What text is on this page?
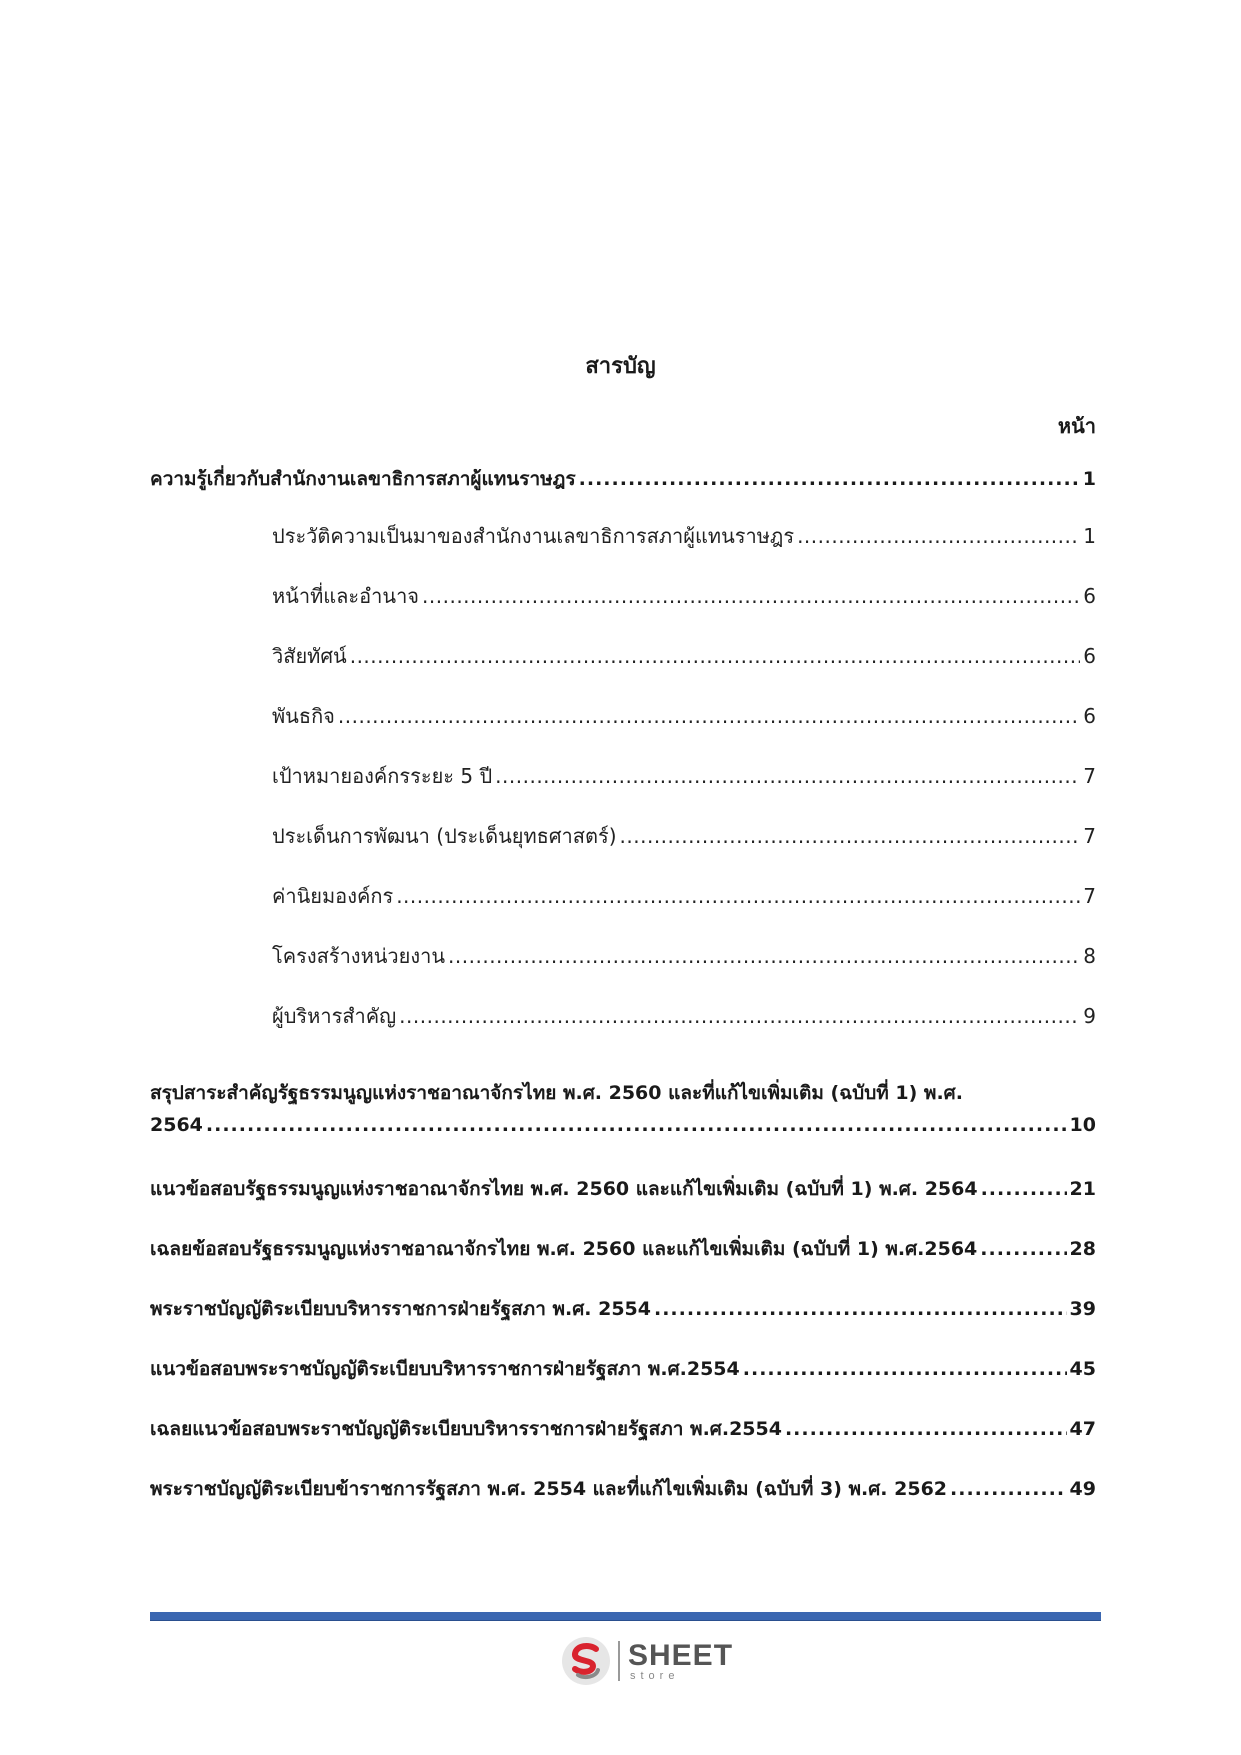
สารบัญ
หน้า
ความรู้เกี่ยวกับสำนักงานเลขาธิการสภาผู้แทนราษฎร .....	1
ประวัติความเป็นมาของสำนักงานเลขาธิการสภาผู้แทนราษฎร .....	1
หน้าที่และอำนาจ .....	6
วิสัยทัศน์ .....	6
พันธกิจ .....	6
เป้าหมายองค์กรระยะ 5 ปี .....	7
ประเด็นการพัฒนา (ประเด็นยุทธศาสตร์) .....	7
ค่านิยมองค์กร .....	7
โครงสร้างหน่วยงาน .....	8
ผู้บริหารสำคัญ .....	9
สรุปสาระสำคัญรัฐธรรมนูญแห่งราชอาณาจักรไทย พ.ศ. 2560 และที่แก้ไขเพิ่มเติม (ฉบับที่ 1) พ.ศ.
2564 .....	10
แนวข้อสอบรัฐธรรมนูญแห่งราชอาณาจักรไทย พ.ศ. 2560 และแก้ไขเพิ่มเติม (ฉบับที่ 1) พ.ศ. 2564 .....	21
เฉลยข้อสอบรัฐธรรมนูญแห่งราชอาณาจักรไทย พ.ศ. 2560 และแก้ไขเพิ่มเติม (ฉบับที่ 1) พ.ศ.2564 .....	28
พระราชบัญญัติระเบียบบริหารราชการฝ่ายรัฐสภา พ.ศ. 2554 .....	39
แนวข้อสอบพระราชบัญญัติระเบียบบริหารราชการฝ่ายรัฐสภา พ.ศ.2554 .....	45
เฉลยแนวข้อสอบพระราชบัญญัติระเบียบบริหารราชการฝ่ายรัฐสภา พ.ศ.2554 .....	47
พระราชบัญญัติระเบียบข้าราชการรัฐสภา พ.ศ. 2554 และที่แก้ไขเพิ่มเติม (ฉบับที่ 3) พ.ศ. 2562 .....	49
SHEET
store
